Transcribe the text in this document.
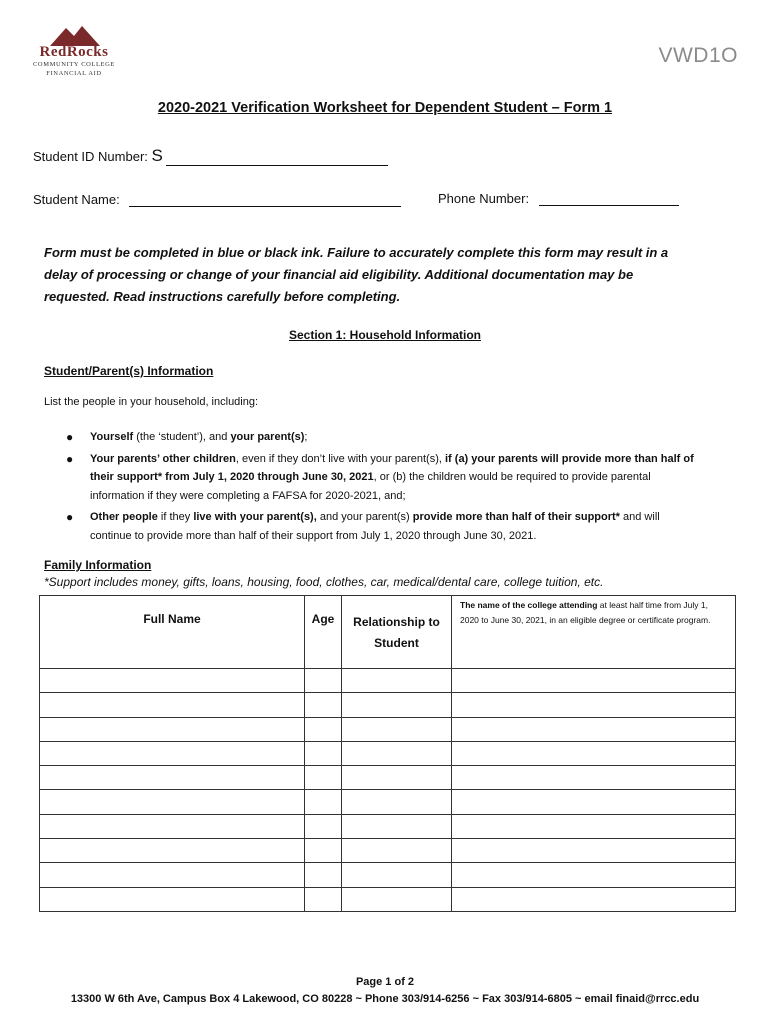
RedRocks
COMMUNITY COLLEGE
FINANCIAL AID
VWD1O
2020-2021 Verification Worksheet for Dependent Student – Form 1
Student ID Number: S
Student Name:	Phone Number:
Form must be completed in blue or black ink. Failure to accurately complete this form may result in a delay of processing or change of your financial aid eligibility. Additional documentation may be requested. Read instructions carefully before completing.
Section 1: Household Information
Student/Parent(s) Information
List the people in your household, including:
● Yourself (the ‘student’), and your parent(s);
● Your parents’ other children, even if they don’t live with your parent(s), if (a) your parents will provide more than half of their support* from July 1, 2020 through June 30, 2021, or (b) the children would be required to provide parental information if they were completing a FAFSA for 2020-2021, and;
● Other people if they live with your parent(s), and your parent(s) provide more than half of their support* and will continue to provide more than half of their support from July 1, 2020 through June 30, 2021.
Family Information
*Support includes money, gifts, loans, housing, food, clothes, car, medical/dental care, college tuition, etc.
Full Name	Age	Relationship to Student	The name of the college attending at least half time from July 1, 2020 to June 30, 2021, in an eligible degree or certificate program.

Page 1 of 2
13300 W 6th Ave, Campus Box 4 Lakewood, CO 80228 ~ Phone 303/914-6256 ~ Fax 303/914-6805 ~ email finaid@rrcc.edu
